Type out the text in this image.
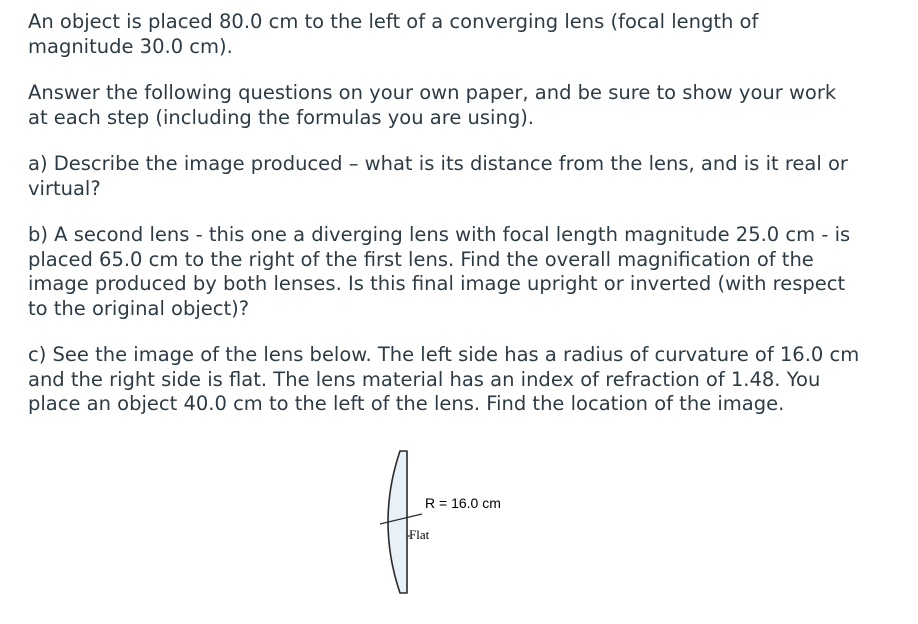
An object is placed 80.0 cm to the left of a converging lens (focal length of
magnitude 30.0 cm).

Answer the following questions on your own paper, and be sure to show your work
at each step (including the formulas you are using).

a) Describe the image produced – what is its distance from the lens, and is it real or
virtual?

b) A second lens - this one a diverging lens with focal length magnitude 25.0 cm - is
placed 65.0 cm to the right of the first lens. Find the overall magnification of the
image produced by both lenses. Is this final image upright or inverted (with respect
to the original object)?

c) See the image of the lens below. The left side has a radius of curvature of 16.0 cm
and the right side is flat. The lens material has an index of refraction of 1.48. You
place an object 40.0 cm to the left of the lens. Find the location of the image.

R = 16.0 cm
Flat
